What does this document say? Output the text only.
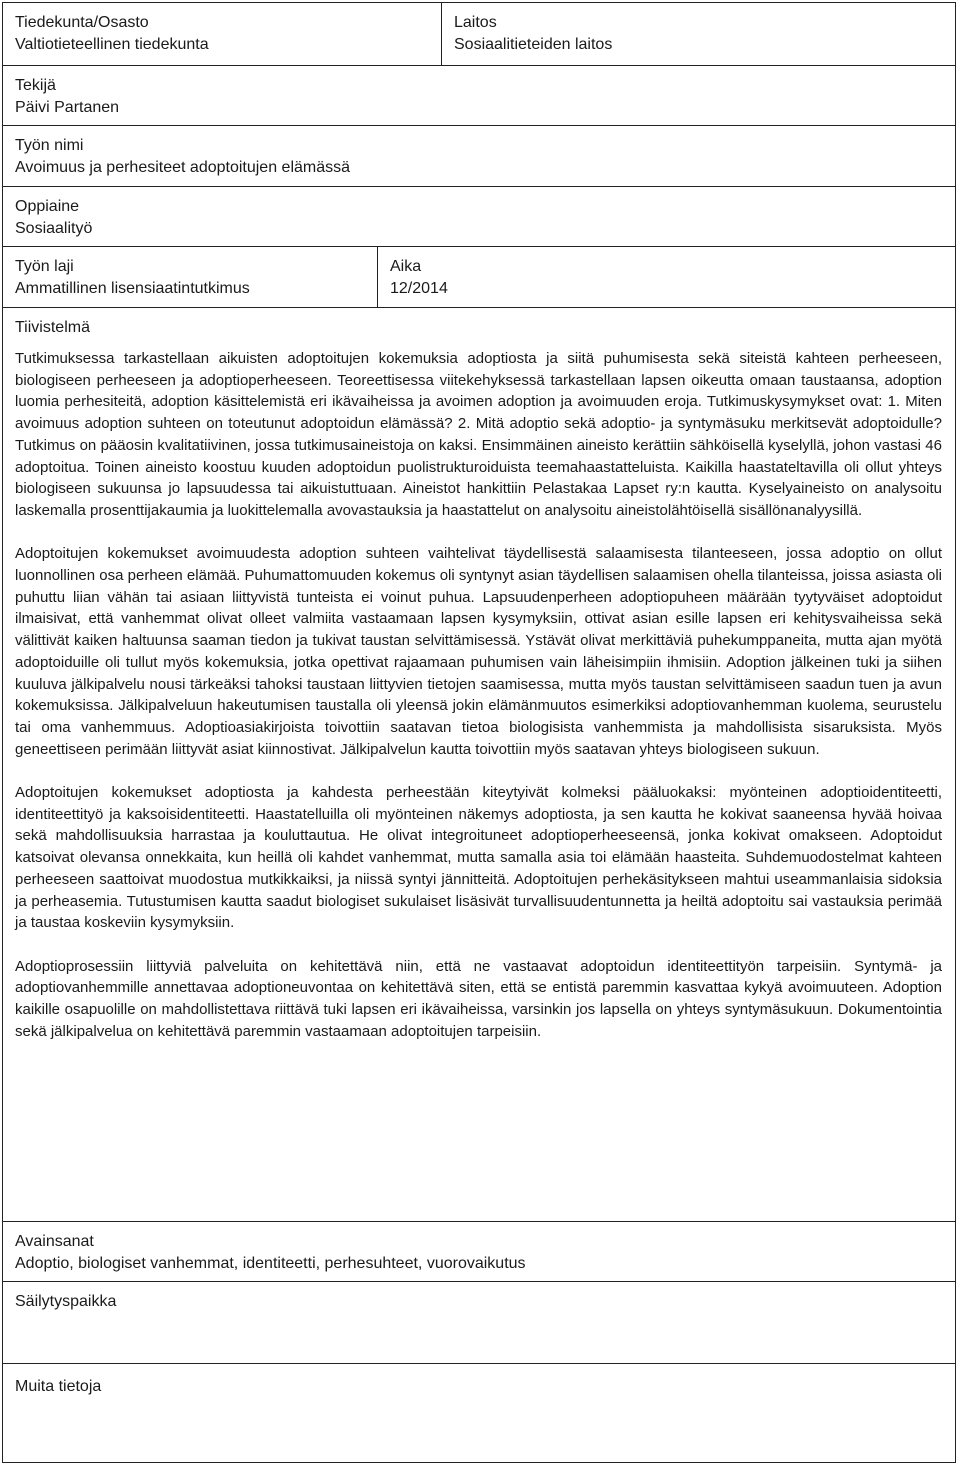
Tiedekunta/Osasto
Valtiotieteellinen tiedekunta
Laitos
Sosiaalitieteiden laitos
Tekijä
Päivi Partanen
Työn nimi
Avoimuus ja perhesiteet adoptoitujen elämässä
Oppiaine
Sosiaalityö
Työn laji
Ammatillinen lisensiaatintutkimus
Aika
12/2014
Tiivistelmä

Tutkimuksessa tarkastellaan aikuisten adoptoitujen kokemuksia adoptiosta ja siitä puhumisesta sekä siteistä kahteen perheeseen, biologiseen perheeseen ja adoptioperheeseen. Teoreettisessa viitekehyksessä tarkastellaan lapsen oikeutta omaan taustaansa, adoption luomia perhesiteitä, adoption käsittelemistä eri ikävaiheissa ja avoimen adoption ja avoimuuden eroja. Tutkimuskysymykset ovat: 1. Miten avoimuus adoption suhteen on toteutunut adoptoidun elämässä? 2. Mitä adoptio sekä adoptio- ja syntymäsuku merkitsevät adoptoidulle? Tutkimus on pääosin kvalitatiivinen, jossa tutkimusaineistoja on kaksi. Ensimmäinen aineisto kerättiin sähköisellä kyselyllä, johon vastasi 46 adoptoitua. Toinen aineisto koostuu kuuden adoptoidun puolistrukturoiduista teemahaastatteluista. Kaikilla haastateltavilla oli ollut yhteys biologiseen sukuunsa jo lapsuudessa tai aikuistuttuaan. Aineistot hankittiin Pelastakaa Lapset ry:n kautta. Kyselyaineisto on analysoitu laskemalla prosenttijakaumia ja luokittelemalla avovastauksia ja haastattelut on analysoitu aineistolähtöisellä sisällönanalyysillä.

Adoptoitujen kokemukset avoimuudesta adoption suhteen vaihtelivat täydellisestä salaamisesta tilanteeseen, jossa adoptio on ollut luonnollinen osa perheen elämää. Puhumattomuuden kokemus oli syntynyt asian täydellisen salaamisen ohella tilanteissa, joissa asiasta oli puhuttu liian vähän tai asiaan liittyvistä tunteista ei voinut puhua. Lapsuudenperheen adoptiopuheen määrään tyytyväiset adoptoidut ilmaisivat, että vanhemmat olivat olleet valmiita vastaamaan lapsen kysymyksiin, ottivat asian esille lapsen eri kehitysvaiheissa sekä välittivät kaiken haltuunsa saaman tiedon ja tukivat taustan selvittämisessä. Ystävät olivat merkittäviä puhekumppaneita, mutta ajan myötä adoptoiduille oli tullut myös kokemuksia, jotka opettivat rajaamaan puhumisen vain läheisimpiin ihmisiin. Adoption jälkeinen tuki ja siihen kuuluva jälkipalvelu nousi tärkeäksi tahoksi taustaan liittyvien tietojen saamisessa, mutta myös taustan selvittämiseen saadun tuen ja avun kokemuksissa. Jälkipalveluun hakeutumisen taustalla oli yleensä jokin elämänmuutos esimerkiksi adoptiovanhemman kuolema, seurustelu tai oma vanhemmuus. Adoptioasiakirjoista toivottiin saatavan tietoa biologisista vanhemmista ja mahdollisista sisaruksista. Myös geneettiseen perimään liittyvät asiat kiinnostivat. Jälkipalvelun kautta toivottiin myös saatavan yhteys biologiseen sukuun.

Adoptoitujen kokemukset adoptiosta ja kahdesta perheestään kiteytyivät kolmeksi pääluokaksi: myönteinen adoptioidentiteetti, identiteettityö ja kaksoisidentiteetti. Haastatelluilla oli myönteinen näkemys adoptiosta, ja sen kautta he kokivat saaneensa hyvää hoivaa sekä mahdollisuuksia harrastaa ja kouluttautua. He olivat integroituneet adoptioperheeseensä, jonka kokivat omakseen. Adoptoidut katsoivat olevansa onnekkaita, kun heillä oli kahdet vanhemmat, mutta samalla asia toi elämään haasteita. Suhdemuodostelmat kahteen perheeseen saattoivat muodostua mutkikkaiksi, ja niissä syntyi jännitteitä. Adoptoitujen perhekäsitykseen mahtui useammanlaisia sidoksia ja perheasemia. Tutustumisen kautta saadut biologiset sukulaiset lisäsivät turvallisuudentunnetta ja heiltä adoptoitu sai vastauksia perimää ja taustaa koskeviin kysymyksiin.

Adoptioprosessiin liittyviä palveluita on kehitettävä niin, että ne vastaavat adoptoidun identiteettityön tarpeisiin. Syntymä- ja adoptiovanhemmille annettavaa adoptioneuvontaa on kehitettävä siten, että se entistä paremmin kasvattaa kykyä avoimuuteen. Adoption kaikille osapuolille on mahdollistettava riittävä tuki lapsen eri ikävaiheissa, varsinkin jos lapsella on yhteys syntymäsukuun. Dokumentointia sekä jälkipalvelua on kehitettävä paremmin vastaamaan adoptoitujen tarpeisiin.

Avainsanat
Adoptio, biologiset vanhemmat, identiteetti, perhesuhteet, vuorovaikutus
Säilytyspaikka
Muita tietoja
